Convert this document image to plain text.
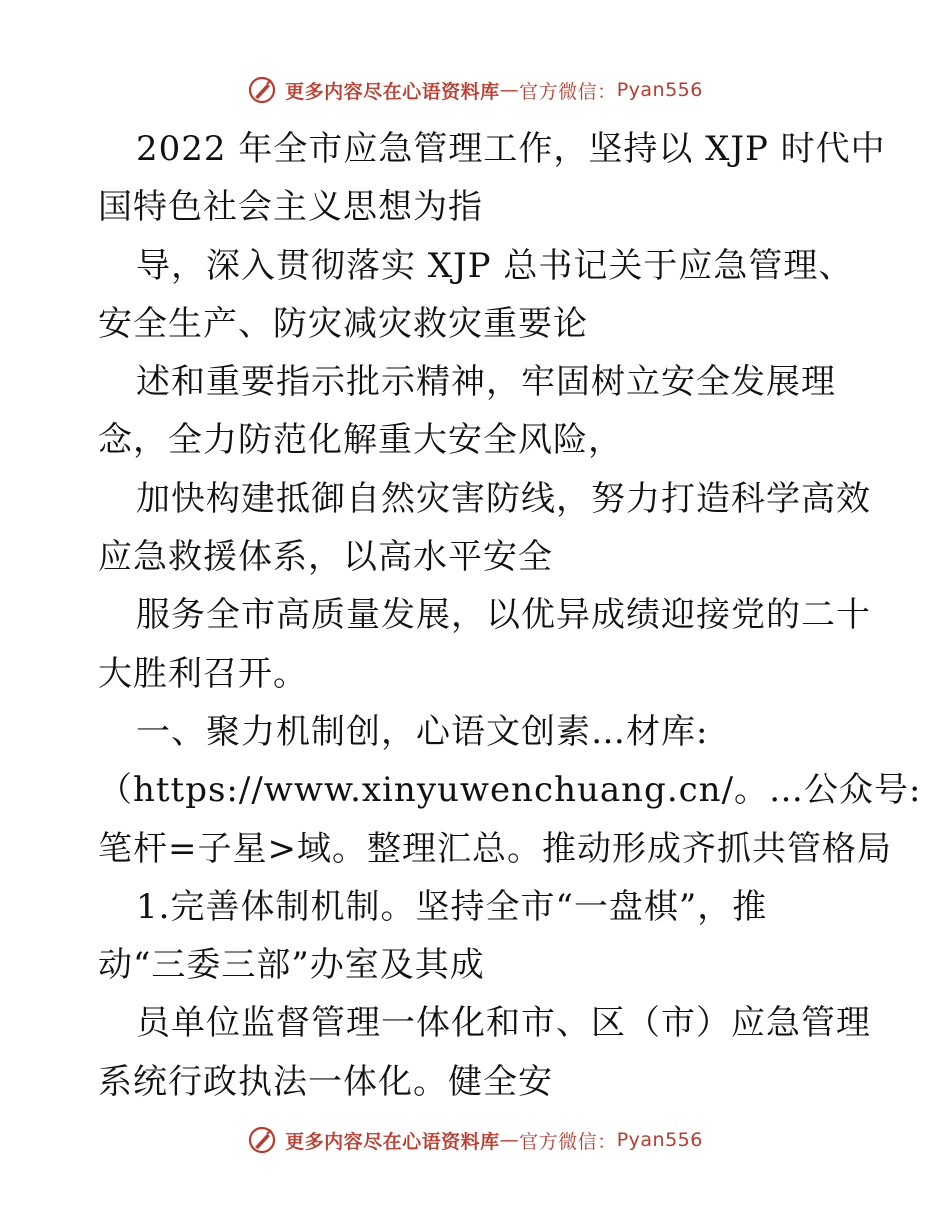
更多内容尽在心语资料库 — 官方微信： Pyan556
2022 年全市应急管理工作，坚持以 XJP 时代中
国特色社会主义思想为指
导，深入贯彻落实 XJP 总书记关于应急管理、
安全生产、防灾减灾救灾重要论
述和重要指示批示精神，牢固树立安全发展理
念，全力防范化解重大安全风险，
加快构建抵御自然灾害防线，努力打造科学高效
应急救援体系，以高水平安全
服务全市高质量发展，以优异成绩迎接党的二十
大胜利召开。
一、聚力机制创，心语文创素…材库:
（https://www.xinyuwenchuang.cn/。…公众号:
笔杆=子星>域。整理汇总。推动形成齐抓共管格局
1.完善体制机制。坚持全市“一盘棋”，推
动“三委三部”办室及其成
员单位监督管理一体化和市、区（市）应急管理
系统行政执法一体化。健全安
更多内容尽在心语资料库 — 官方微信： Pyan556
